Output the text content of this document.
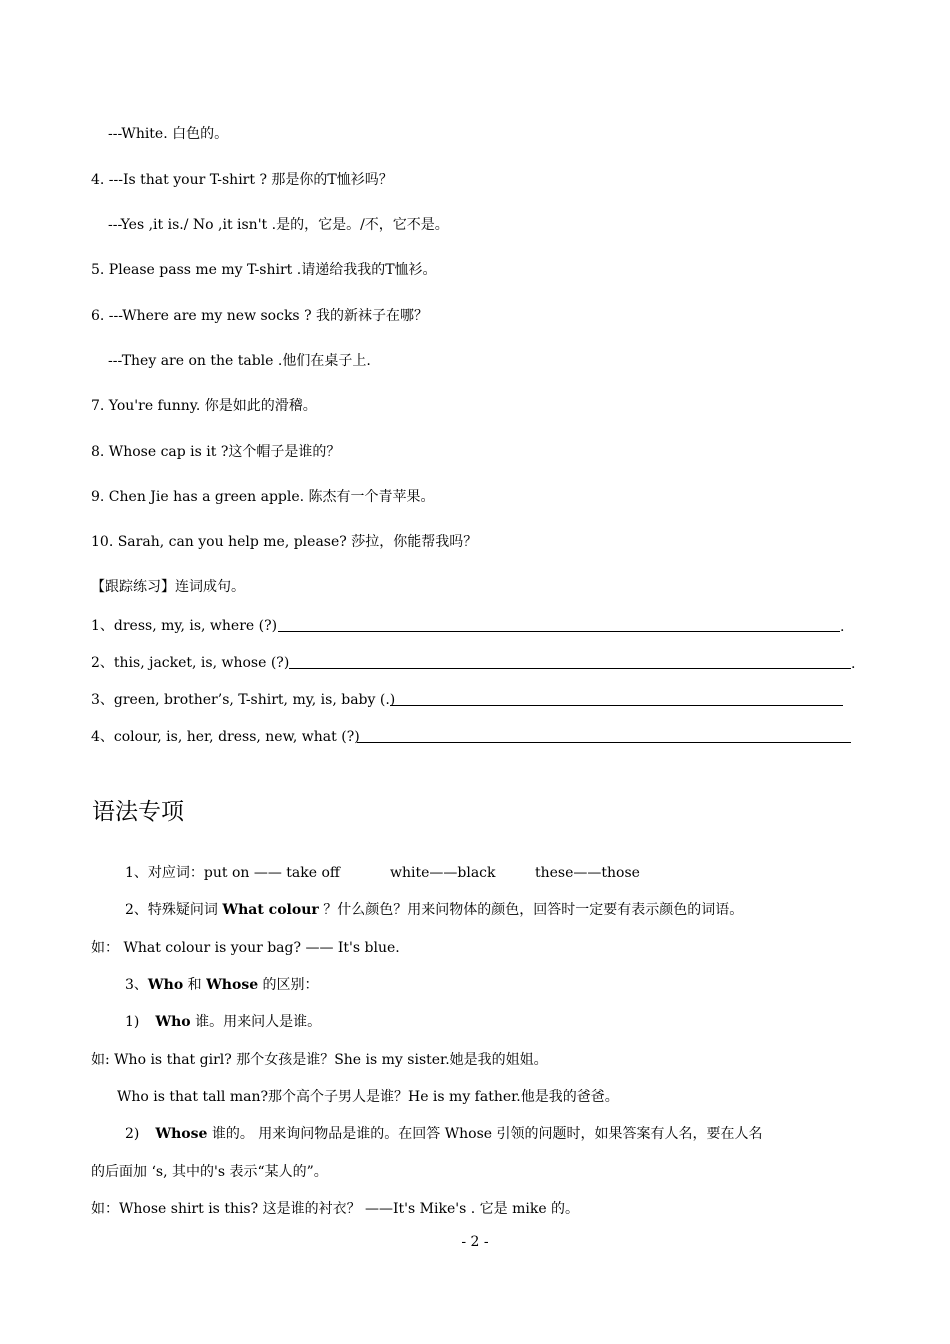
---White. 白色的。
4. ---Is that your T-shirt ? 那是你的T恤衫吗？
---Yes ,it is./ No ,it isn't .是的，它是。/不，它不是。
5. Please pass me my T-shirt .请递给我我的T恤衫。
6. ---Where are my new socks ? 我的新袜子在哪？
---They are on the table .他们在桌子上.
7. You're funny. 你是如此的滑稽。
8. Whose cap is it ?这个帽子是谁的？
9. Chen Jie has a green apple. 陈杰有一个青苹果。
10. Sarah, can you help me, please? 莎拉，你能帮我吗？
【跟踪练习】连词成句。
1、dress, my, is, where (?)	.
2、this, jacket, is, whose (?)	.
3、green, brother’s, T-shirt, my, is, baby (.)
4、colour, is, her, dress, new, what (?)
语法专项
1、对应词：put on —— take off	white——black	these——those
2、特殊疑问词 What colour ？什么颜色？用来问物体的颜色，回答时一定要有表示颜色的词语。
如： What colour is your bag? —— It's blue.
3、Who 和 Whose 的区别：
1) Who 谁。用来问人是谁。
如: Who is that girl? 那个女孩是谁？She is my sister.她是我的姐姐。
Who is that tall man?那个高个子男人是谁？He is my father.他是我的爸爸。
2) Whose 谁的。 用来询问物品是谁的。在回答 Whose 引领的问题时，如果答案有人名，要在人名
的后面加 ‘s, 其中的's 表示“某人的”。
如：Whose shirt is this? 这是谁的衬衣？ ——It's Mike's . 它是 mike 的。
- 2 -
